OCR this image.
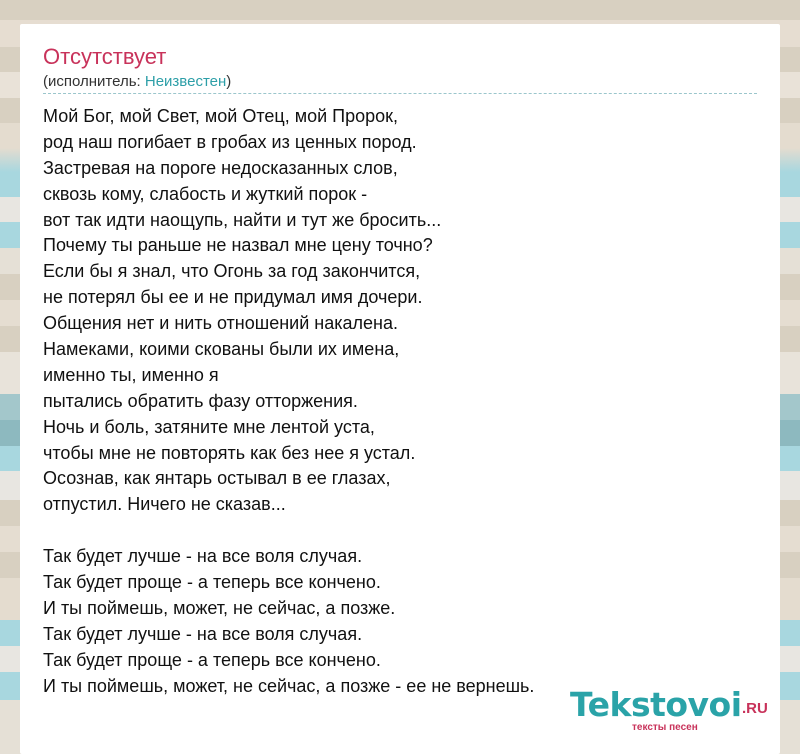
Отсутствует
(исполнитель: Неизвестен)
Мой Бог, мой Свет, мой Отец, мой Пророк,
род наш погибает в гробах из ценных пород.
Застревая на пороге недосказанных слов,
сквозь кому, слабость и жуткий порок -
вот так идти наощупь, найти и тут же бросить...
Почему ты раньше не назвал мне цену точно?
Если бы я знал, что Огонь за год закончится,
не потерял бы ее и не придумал имя дочери.
Общения нет и нить отношений накалена.
Намеками, коими скованы были их имена,
именно ты, именно я
пытались обратить фазу отторжения.
Ночь и боль, затяните мне лентой уста,
чтобы мне не повторять как без нее я устал.
Осознав, как янтарь остывал в ее глазах,
отпустил. Ничего не сказав...
Так будет лучше - на все воля случая.
Так будет проще - а теперь все кончено.
И ты поймешь, может, не сейчас, а позже.
Так будет лучше - на все воля случая.
Так будет проще - а теперь все кончено.
И ты поймешь, может, не сейчас, а позже - ее не вернешь.	Tekstovoi .RU
тексты песен
